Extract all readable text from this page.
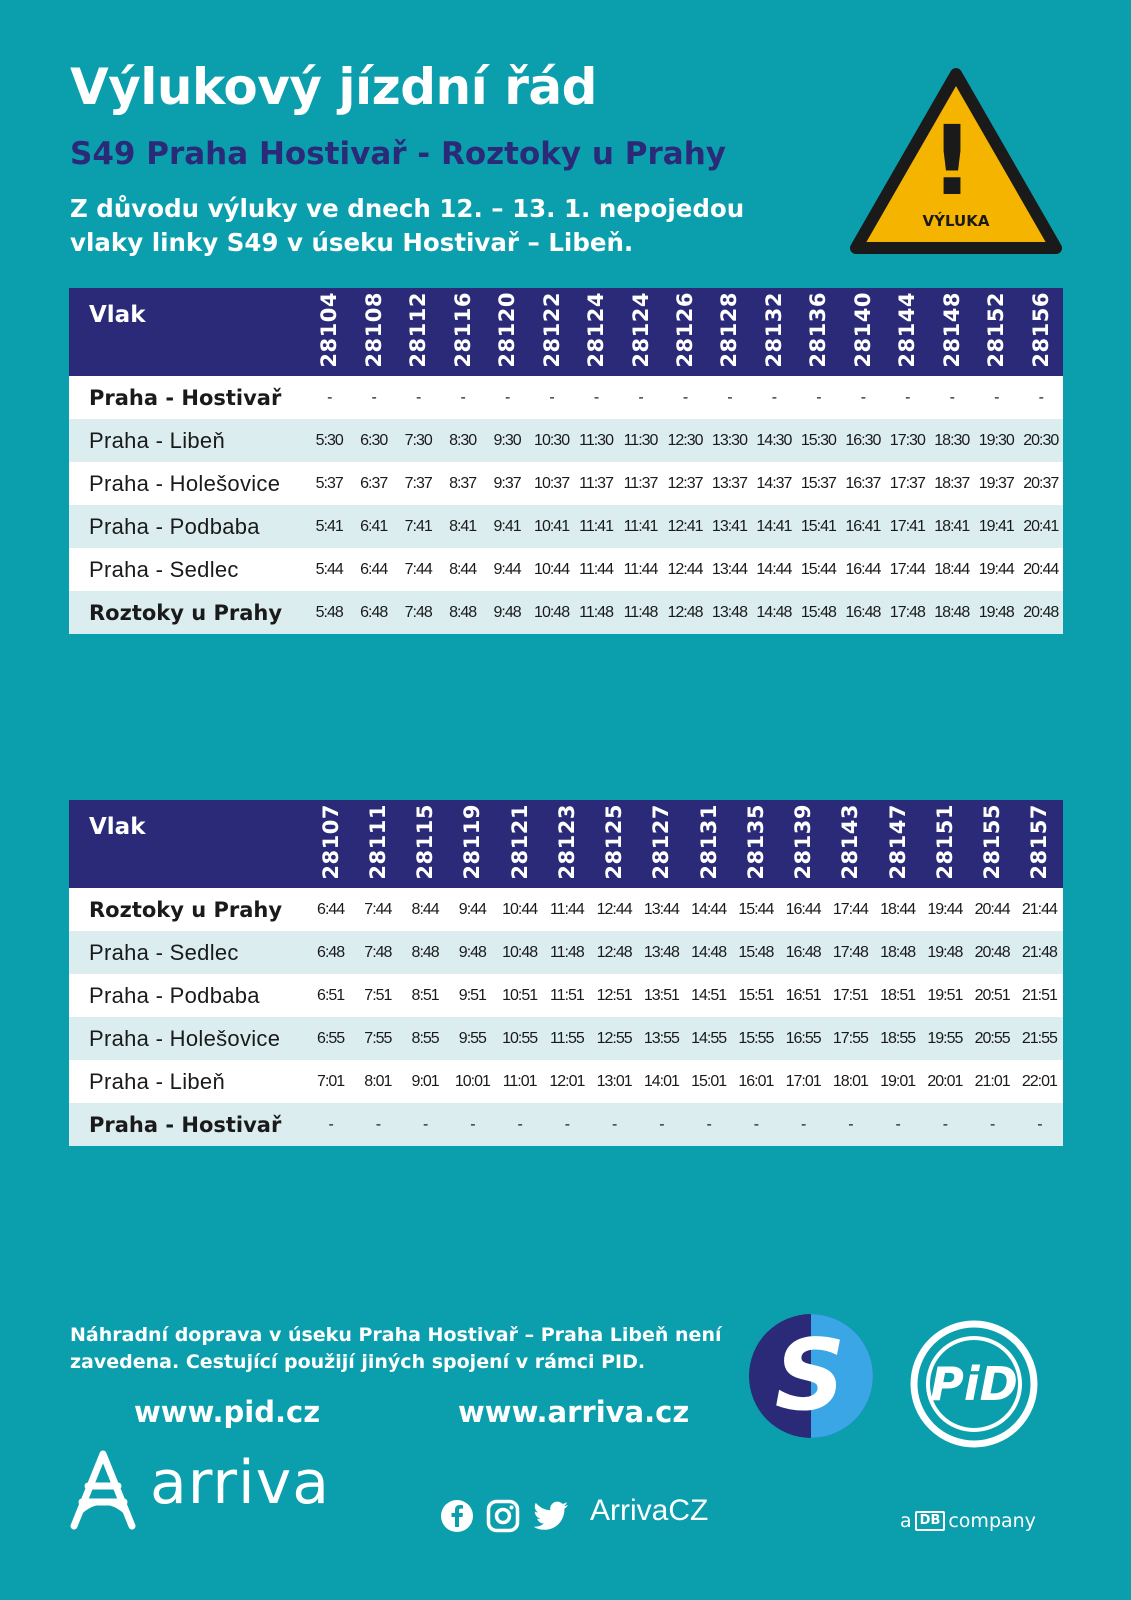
Výlukový jízdní řád
S49 Praha Hostivař - Roztoky u Prahy

Z důvodu výluky ve dnech 12. – 13. 1. nepojedou vlaky linky S49 v úseku Hostivař – Libeň.

!
VÝLUKA
Vlak	28104	28108	28112	28116	28120	28122	28124	28124	28126	28128	28132	28136	28140	28144	28148	28152	28156

Praha - Hostivař	-	-	-	-	-	-	-	-	-	-	-	-	-	-	-	-	-
Praha - Libeň	5:30	6:30	7:30	8:30	9:30	10:30	11:30	11:30	12:30	13:30	14:30	15:30	16:30	17:30	18:30	19:30	20:30
Praha - Holešovice	5:37	6:37	7:37	8:37	9:37	10:37	11:37	11:37	12:37	13:37	14:37	15:37	16:37	17:37	18:37	19:37	20:37
Praha - Podbaba	5:41	6:41	7:41	8:41	9:41	10:41	11:41	11:41	12:41	13:41	14:41	15:41	16:41	17:41	18:41	19:41	20:41
Praha - Sedlec	5:44	6:44	7:44	8:44	9:44	10:44	11:44	11:44	12:44	13:44	14:44	15:44	16:44	17:44	18:44	19:44	20:44
Roztoky u Prahy	5:48	6:48	7:48	8:48	9:48	10:48	11:48	11:48	12:48	13:48	14:48	15:48	16:48	17:48	18:48	19:48	20:48
Vlak	28107	28111	28115	28119	28121	28123	28125	28127	28131	28135	28139	28143	28147	28151	28155	28157

Roztoky u Prahy	6:44	7:44	8:44	9:44	10:44	11:44	12:44	13:44	14:44	15:44	16:44	17:44	18:44	19:44	20:44	21:44
Praha - Sedlec	6:48	7:48	8:48	9:48	10:48	11:48	12:48	13:48	14:48	15:48	16:48	17:48	18:48	19:48	20:48	21:48
Praha - Podbaba	6:51	7:51	8:51	9:51	10:51	11:51	12:51	13:51	14:51	15:51	16:51	17:51	18:51	19:51	20:51	21:51
Praha - Holešovice	6:55	7:55	8:55	9:55	10:55	11:55	12:55	13:55	14:55	15:55	16:55	17:55	18:55	19:55	20:55	21:55
Praha - Libeň	7:01	8:01	9:01	10:01	11:01	12:01	13:01	14:01	15:01	16:01	17:01	18:01	19:01	20:01	21:01	22:01
Praha - Hostivař	-	-	-	-	-	-	-	-	-	-	-	-	-	-	-	-

Náhradní doprava v úseku Praha Hostivař – Praha Libeň není zavedena. Cestující použijí jiných spojení v rámci PID.

www.pid.cz	www.arriva.cz S PiD
arriva	ArrivaCZ	a DB company
